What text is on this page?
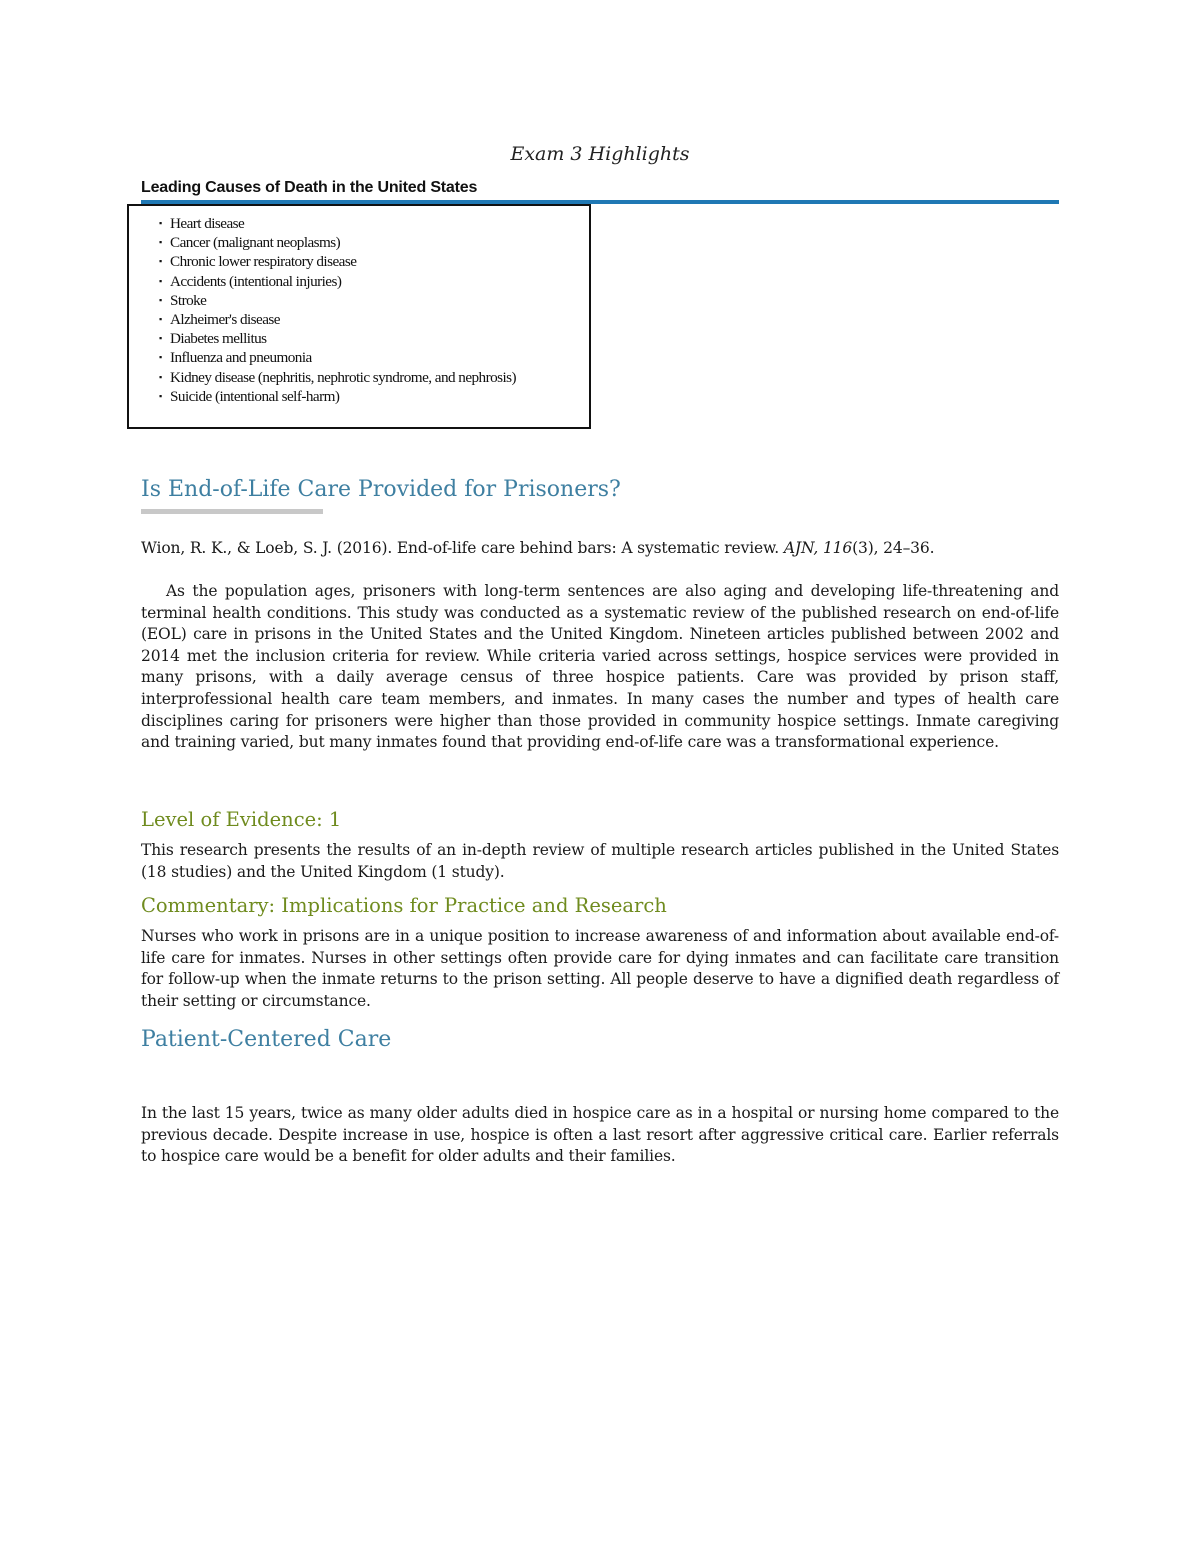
Exam 3 Highlights
Leading Causes of Death in the United States
▪ Heart disease
▪ Cancer (malignant neoplasms)
▪ Chronic lower respiratory disease
▪ Accidents (intentional injuries)
▪ Stroke
▪ Alzheimer's disease
▪ Diabetes mellitus
▪ Influenza and pneumonia
▪ Kidney disease (nephritis, nephrotic syndrome, and nephrosis)
▪ Suicide (intentional self-harm)
Is End-of-Life Care Provided for Prisoners?

Wion, R. K., & Loeb, S. J. (2016). End-of-life care behind bars: A systematic review. AJN, 116(3), 24–36.

As the population ages, prisoners with long-term sentences are also aging and developing life-threatening and terminal health conditions. This study was conducted as a systematic review of the published research on end-of-life (EOL) care in prisons in the United States and the United Kingdom. Nineteen articles published between 2002 and 2014 met the inclusion criteria for review. While criteria varied across settings, hospice services were provided in many prisons, with a daily average census of three hospice patients. Care was provided by prison staff, interprofessional health care team members, and inmates. In many cases the number and types of health care disciplines caring for prisoners were higher than those provided in community hospice settings. Inmate caregiving and training varied, but many inmates found that providing end-of-life care was a transformational experience.

Level of Evidence: 1

This research presents the results of an in-depth review of multiple research articles published in the United States (18 studies) and the United Kingdom (1 study).

Commentary: Implications for Practice and Research

Nurses who work in prisons are in a unique position to increase awareness of and information about available end-of-life care for inmates. Nurses in other settings often provide care for dying inmates and can facilitate care transition for follow-up when the inmate returns to the prison setting. All people deserve to have a dignified death regardless of their setting or circumstance.

Patient-Centered Care

In the last 15 years, twice as many older adults died in hospice care as in a hospital or nursing home compared to the previous decade. Despite increase in use, hospice is often a last resort after aggressive critical care. Earlier referrals to hospice care would be a benefit for older adults and their families.
